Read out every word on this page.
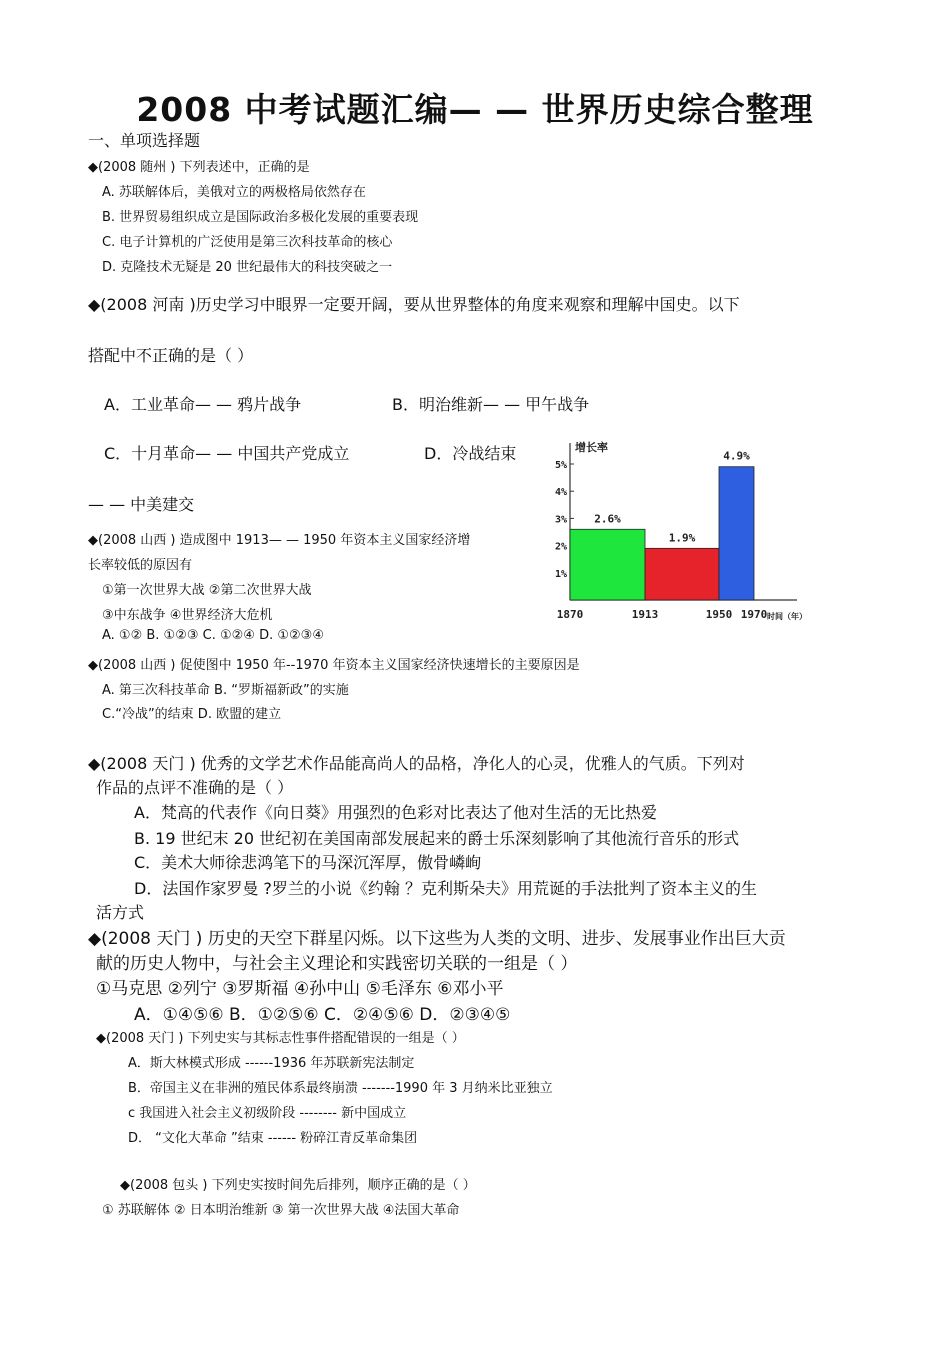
2008 中考试题汇编— — 世界历史综合整理
一、单项选择题
◆(2008 随州 ) 下列表述中，正确的是
A. 苏联解体后，美俄对立的两极格局依然存在
B. 世界贸易组织成立是国际政治多极化发展的重要表现
C. 电子计算机的广泛使用是第三次科技革命的核心
D. 克隆技术无疑是 20 世纪最伟大的科技突破之一
◆(2008 河南 )历史学习中眼界一定要开阔，要从世界整体的角度来观察和理解中国史。以下
搭配中不正确的是（ ）
A．工业革命— — 鸦片战争	B．明治维新— — 甲午战争
C．十月革命— — 中国共产党成立	D．冷战结束
— — 中美建交
◆(2008 山西 ) 造成图中 1913— — 1950 年资本主义国家经济增
长率较低的原因有
①第一次世界大战 ②第二次世界大战
③中东战争 ④世界经济大危机
A. ①② B. ①②③ C. ①②④ D. ①②③④
增长率
1%
2%
3%
4%
5%
2.6%
1.9%
4.9%
1870	1913	1950 1970 时间（年）
◆(2008 山西 ) 促使图中 1950 年--1970 年资本主义国家经济快速增长的主要原因是
A. 第三次科技革命 B. “罗斯福新政”的实施
C.“冷战”的结束 D. 欧盟的建立
◆(2008 天门 ) 优秀的文学艺术作品能高尚人的品格，净化人的心灵，优雅人的气质。下列对
作品的点评不准确的是（ ）
A．梵高的代表作《向日葵》用强烈的色彩对比表达了他对生活的无比热爱
B. 19 世纪末 20 世纪初在美国南部发展起来的爵士乐深刻影响了其他流行音乐的形式
C．美术大师徐悲鸿笔下的马深沉浑厚，傲骨嶙峋
D．法国作家罗曼 ?罗兰的小说《约翰 ？克利斯朵夫》用荒诞的手法批判了资本主义的生
活方式
◆(2008 天门 ) 历史的天空下群星闪烁。以下这些为人类的文明、进步、发展事业作出巨大贡
献的历史人物中，与社会主义理论和实践密切关联的一组是（ ）
①马克思 ②列宁 ③罗斯福 ④孙中山 ⑤毛泽东 ⑥邓小平
A．①④⑤⑥ B．①②⑤⑥ C．②④⑤⑥ D．②③④⑤
◆(2008 天门 ) 下列史实与其标志性事件搭配错误的一组是（ ）
A．斯大林模式形成 ------1936 年苏联新宪法制定
B．帝国主义在非洲的殖民体系最终崩溃 -------1990 年 3 月纳米比亚独立
c 我国进入社会主义初级阶段 -------- 新中国成立
D． “文化大革命 ”结束 ------ 粉碎江青反革命集团
◆(2008 包头 ) 下列史实按时间先后排列，顺序正确的是（ ）
① 苏联解体 ② 日本明治维新 ③ 第一次世界大战 ④法国大革命
